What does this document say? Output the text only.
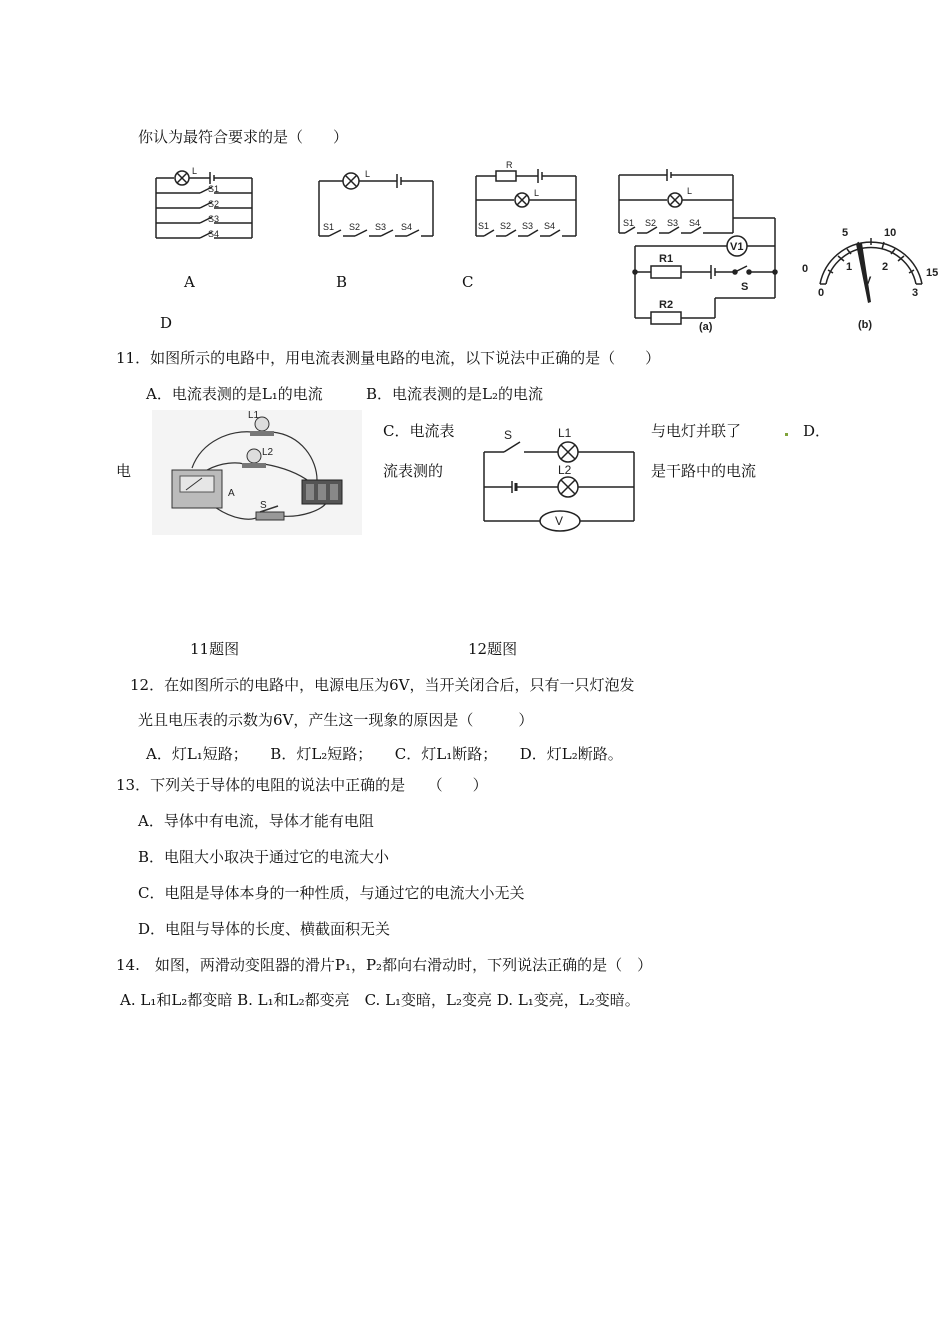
你认为最符合要求的是（　　）
L
S1
S2
S3
S4
L
S1 S2 S3 S4
R
L
S1 S2 S3 S4
L
S1 S2 S3 S4
V1
R1
R2
S
(a)
0
5	10
15
0
1	2
3
V
(b)
A	B	C
D
11．如图所示的电路中，用电流表测量电路的电流，以下说法中正确的是（　　）
A．电流表测的是L₁的电流	B．电流表测的是L₂的电流
L1
L2
A
S
C．电流表
流表测的
电
S	L1
L2
V
与电灯并联了	D．
是干路中的电流
11题图	12题图
12．在如图所示的电路中，电源电压为6V，当开关闭合后，只有一只灯泡发
光且电压表的示数为6V，产生这一现象的原因是（　　　）
A．灯L₁短路；　　B．灯L₂短路；　　C．灯L₁断路；　　D．灯L₂断路。
13．下列关于导体的电阻的说法中正确的是　　（　　）
A．导体中有电流，导体才能有电阻
B．电阻大小取决于通过它的电流大小
C．电阻是导体本身的一种性质，与通过它的电流大小无关
D．电阻与导体的长度、横截面积无关
14.　如图，两滑动变阻器的滑片P₁，P₂都向右滑动时，下列说法正确的是（　）
A. L₁和L₂都变暗 B. L₁和L₂都变亮　C. L₁变暗，L₂变亮 D. L₁变亮，L₂变暗。
